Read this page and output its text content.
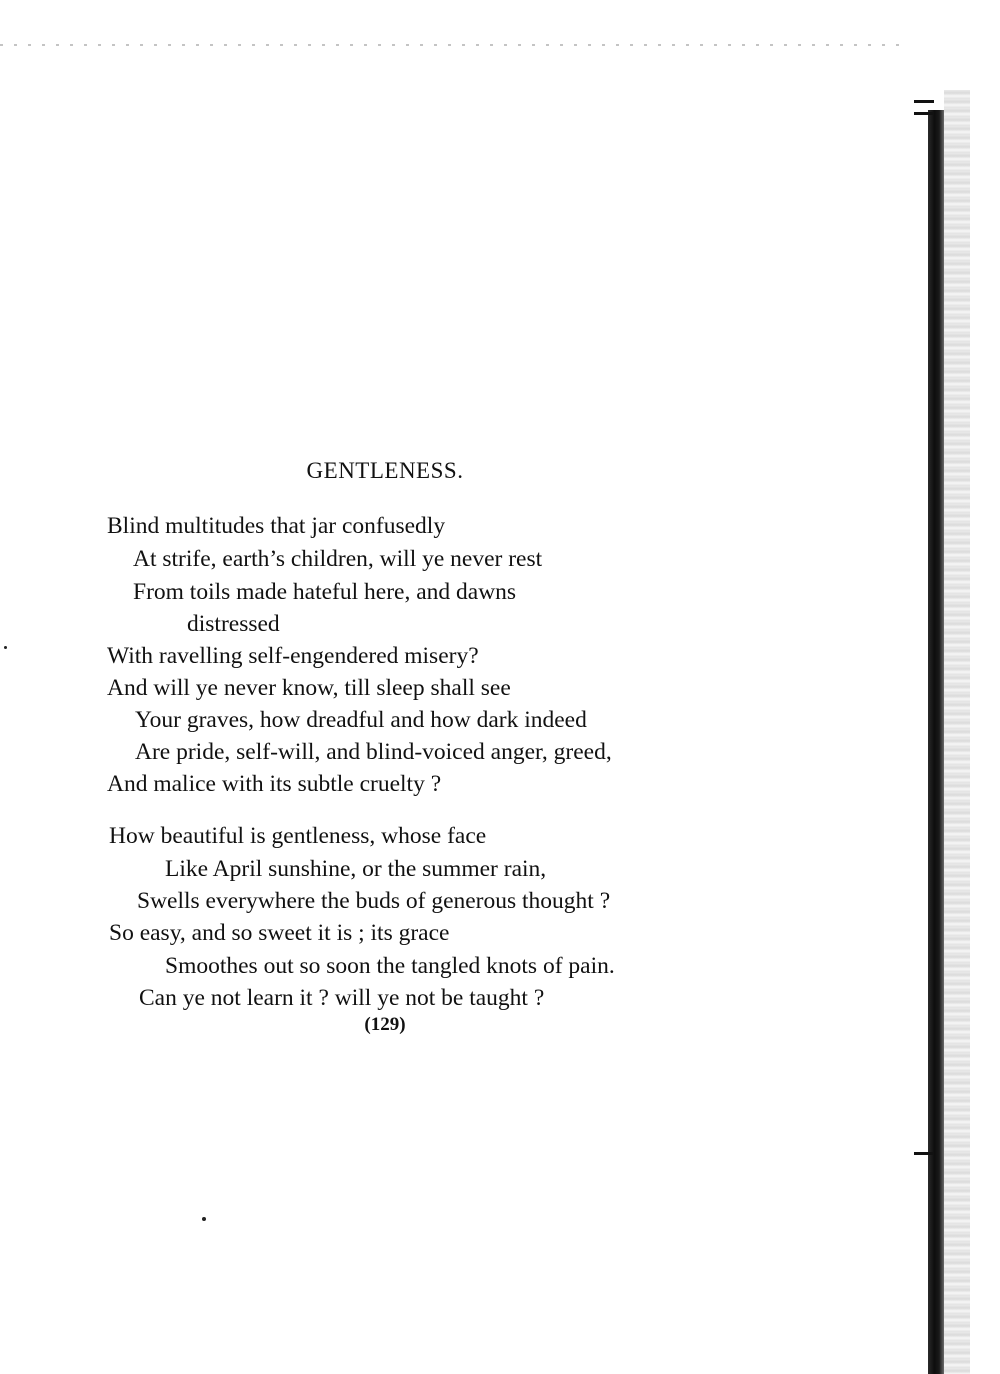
GENTLENESS.
Blind multitudes that jar confusedly
At strife, earth’s children, will ye never rest
From toils made hateful here, and dawns
distressed
With ravelling self-engendered misery?
And will ye never know, till sleep shall see
Your graves, how dreadful and how dark indeed
Are pride, self-will, and blind-voiced anger, greed,
And malice with its subtle cruelty ?
How beautiful is gentleness, whose face
Like April sunshine, or the summer rain,
Swells everywhere the buds of generous thought ?
So easy, and so sweet it is ; its grace
Smoothes out so soon the tangled knots of pain.
Can ye not learn it ? will ye not be taught ?
(129)
